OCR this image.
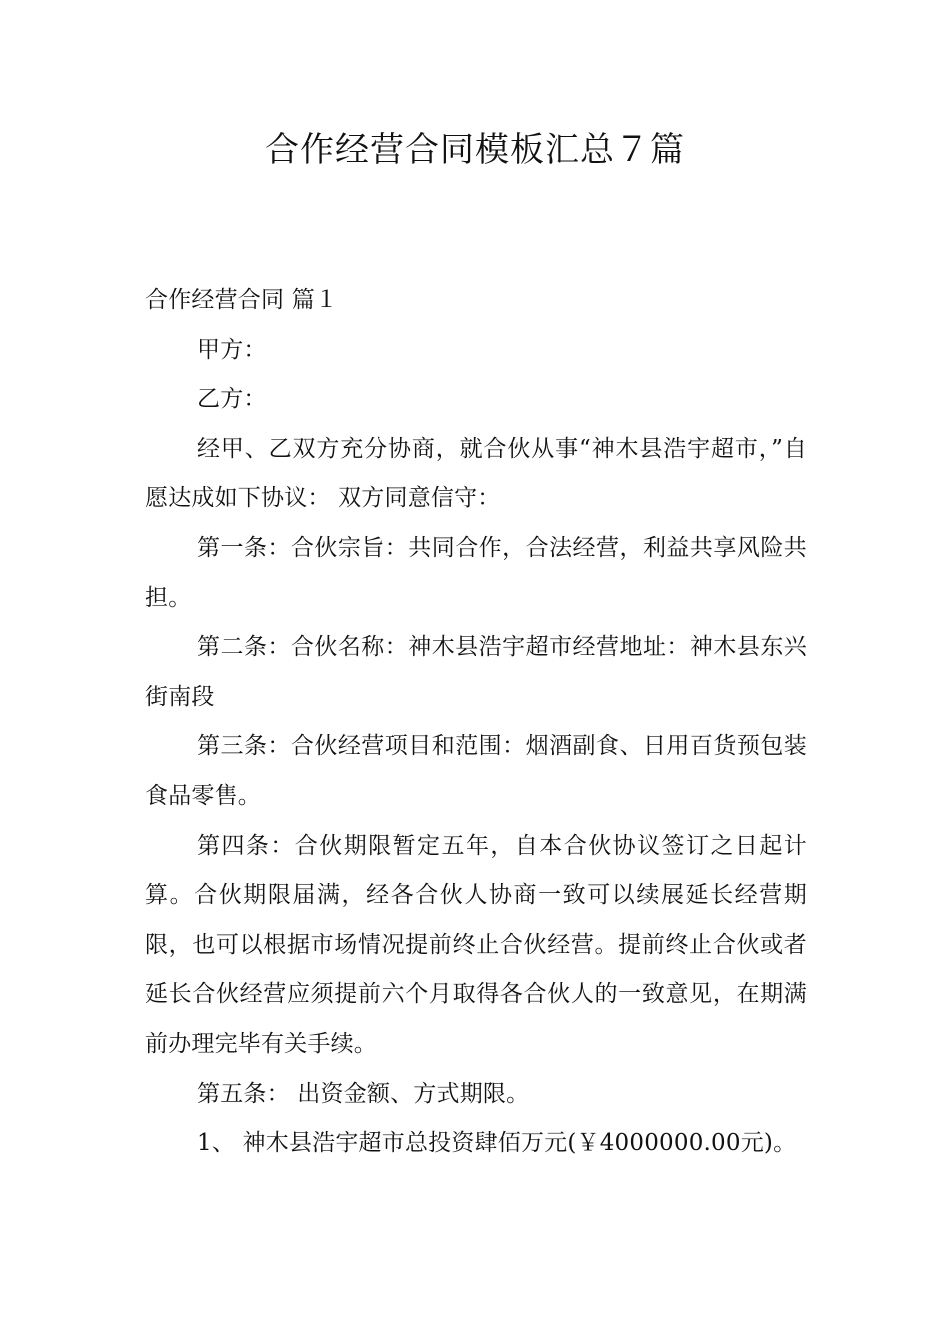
合作经营合同模板汇总７篇

合作经营合同 篇１

甲方：

乙方：

经甲、乙双方充分协商，就合伙从事“神木县浩宇超市，”自愿达成如下协议： 双方同意信守：

第一条：合伙宗旨：共同合作，合法经营，利益共享风险共担。

第二条：合伙名称：神木县浩宇超市经营地址：神木县东兴街南段

第三条：合伙经营项目和范围：烟酒副食、日用百货预包装食品零售。

第四条：合伙期限暂定五年，自本合伙协议签订之日起计算。合伙期限届满，经各合伙人协商一致可以续展延长经营期限，也可以根据市场情况提前终止合伙经营。提前终止合伙或者延长合伙经营应须提前六个月取得各合伙人的一致意见，在期满前办理完毕有关手续。

第五条： 出资金额、方式期限。

1、 神木县浩宇超市总投资肆佰万元(￥4000000.00元)。
